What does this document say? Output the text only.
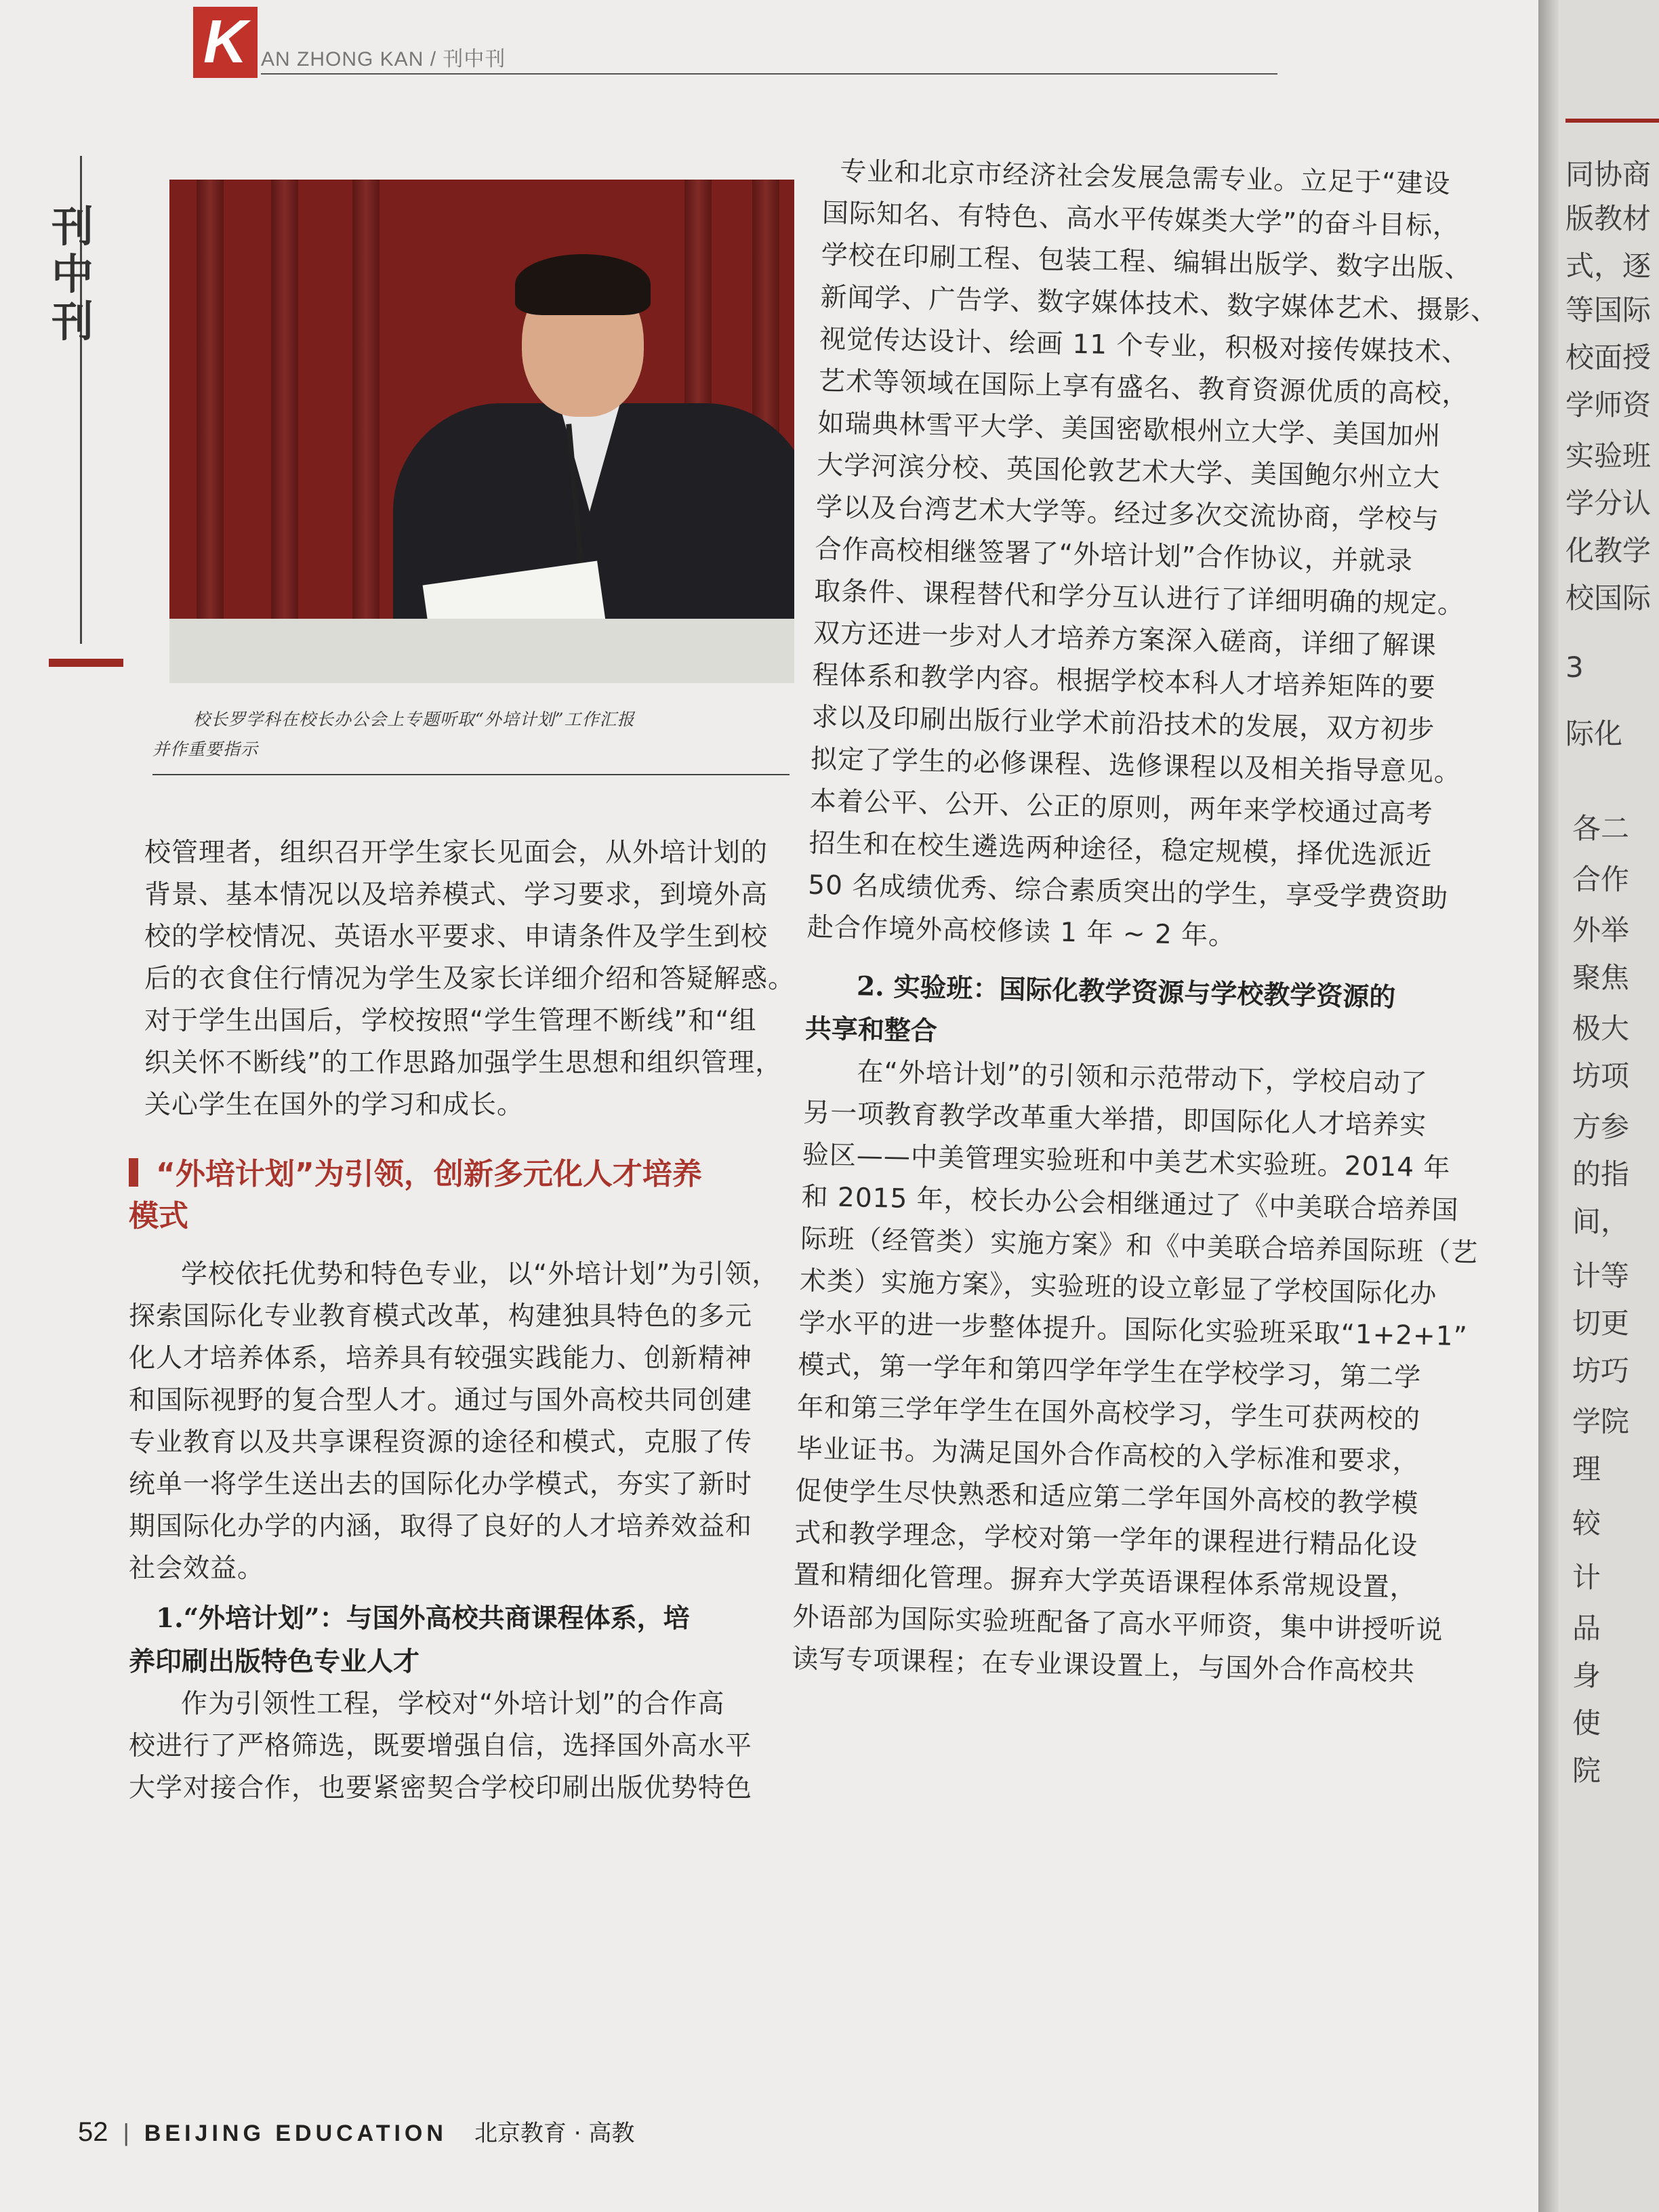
K AN ZHONG KAN / 刊中刊
刊
中
刊
校长罗学科在校长办公会上专题听取“外培计划”工作汇报
并作重要指示

校管理者，组织召开学生家长见面会，从外培计划的

背景、基本情况以及培养模式、学习要求，到境外高

校的学校情况、英语水平要求、申请条件及学生到校

后的衣食住行情况为学生及家长详细介绍和答疑解惑。

对于学生出国后，学校按照“学生管理不断线”和“组

织关怀不断线”的工作思路加强学生思想和组织管理，

关心学生在国外的学习和成长。

“外培计划”为引领，创新多元化人才培养
模式

学校依托优势和特色专业，以“外培计划”为引领，

探索国际化专业教育模式改革，构建独具特色的多元

化人才培养体系，培养具有较强实践能力、创新精神

和国际视野的复合型人才。通过与国外高校共同创建

专业教育以及共享课程资源的途径和模式，克服了传

统单一将学生送出去的国际化办学模式，夯实了新时

期国际化办学的内涵，取得了良好的人才培养效益和

社会效益。

1.“外培计划”：与国外高校共商课程体系，培
养印刷出版特色专业人才

作为引领性工程，学校对“外培计划”的合作高

校进行了严格筛选，既要增强自信，选择国外高水平

大学对接合作，也要紧密契合学校印刷出版优势特色

专业和北京市经济社会发展急需专业。立足于“建设

国际知名、有特色、高水平传媒类大学”的奋斗目标，

学校在印刷工程、包装工程、编辑出版学、数字出版、

新闻学、广告学、数字媒体技术、数字媒体艺术、摄影、

视觉传达设计、绘画 11 个专业，积极对接传媒技术、

艺术等领域在国际上享有盛名、教育资源优质的高校，

如瑞典林雪平大学、美国密歇根州立大学、美国加州

大学河滨分校、英国伦敦艺术大学、美国鲍尔州立大

学以及台湾艺术大学等。经过多次交流协商，学校与

合作高校相继签署了“外培计划”合作协议，并就录

取条件、课程替代和学分互认进行了详细明确的规定。

双方还进一步对人才培养方案深入磋商，详细了解课

程体系和教学内容。根据学校本科人才培养矩阵的要

求以及印刷出版行业学术前沿技术的发展，双方初步

拟定了学生的必修课程、选修课程以及相关指导意见。

本着公平、公开、公正的原则，两年来学校通过高考

招生和在校生遴选两种途径，稳定规模，择优选派近

50 名成绩优秀、综合素质突出的学生，享受学费资助

赴合作境外高校修读 1 年 ~ 2 年。

2. 实验班：国际化教学资源与学校教学资源的
共享和整合

在“外培计划”的引领和示范带动下，学校启动了

另一项教育教学改革重大举措，即国际化人才培养实

验区——中美管理实验班和中美艺术实验班。2014 年

和 2015 年，校长办公会相继通过了《中美联合培养国

际班（经管类）实施方案》和《中美联合培养国际班（艺

术类）实施方案》，实验班的设立彰显了学校国际化办

学水平的进一步整体提升。国际化实验班采取“1+2+1”

模式，第一学年和第四学年学生在学校学习，第二学

年和第三学年学生在国外高校学习，学生可获两校的

毕业证书。为满足国外合作高校的入学标准和要求，

促使学生尽快熟悉和适应第二学年国外高校的教学模

式和教学理念，学校对第一学年的课程进行精品化设

置和精细化管理。摒弃大学英语课程体系常规设置，

外语部为国际实验班配备了高水平师资，集中讲授听说

读写专项课程；在专业课设置上，与国外合作高校共

52 | BEIJING EDUCATION 北京教育 · 高教
同协商
版教材
式，逐
等国际
校面授
学师资
实验班
学分认
化教学
校国际
3
际化
各二
合作
外举
聚焦
极大
坊项
方参
的指
间，
计等
切更
坊巧
学院
理
较
计
品
身
使
院
